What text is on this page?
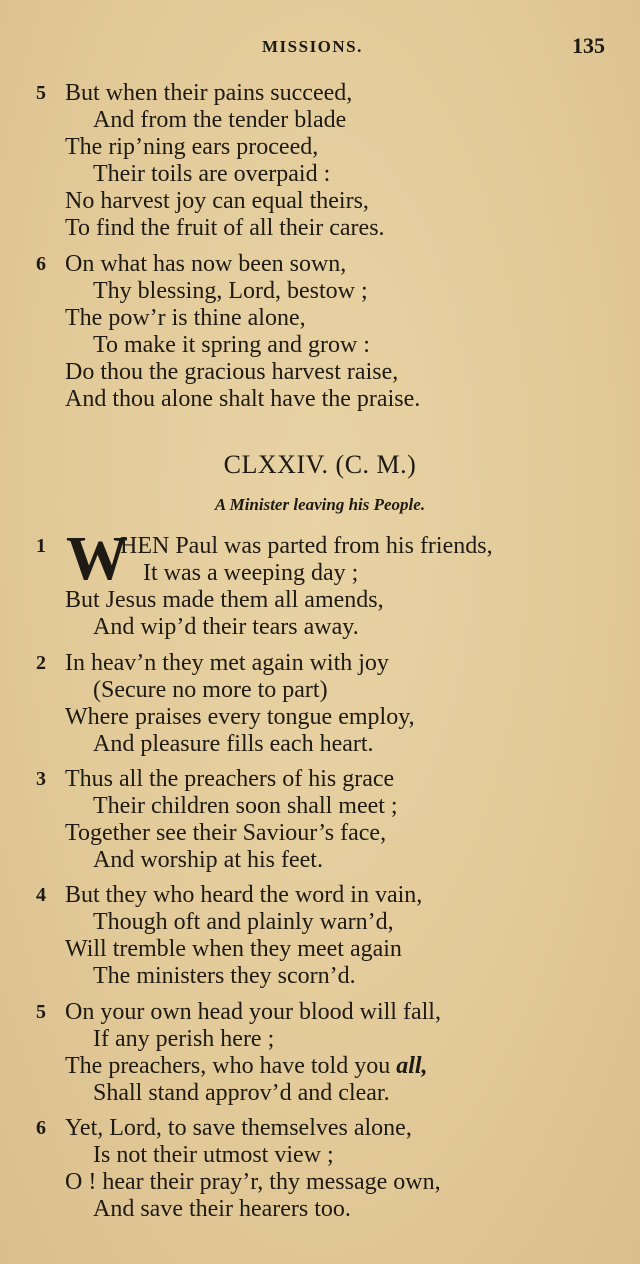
MISSIONS.	135
5 But when their pains succeed,
And from the tender blade
The rip’ning ears proceed,
Their toils are overpaid :
No harvest joy can equal theirs,
To find the fruit of all their cares.
6 On what has now been sown,
Thy blessing, Lord, bestow ;
The pow’r is thine alone,
To make it spring and grow :
Do thou the gracious harvest raise,
And thou alone shalt have the praise.
CLXXIV. (C. M.)
A Minister leaving his People.
W
1	HEN Paul was parted from his friends,
It was a weeping day ;
But Jesus made them all amends,
And wip’d their tears away.
2 In heav’n they met again with joy
(Secure no more to part)
Where praises every tongue employ,
And pleasure fills each heart.
3 Thus all the preachers of his grace
Their children soon shall meet ;
Together see their Saviour’s face,
And worship at his feet.
4 But they who heard the word in vain,
Though oft and plainly warn’d,
Will tremble when they meet again
The ministers they scorn’d.
5 On your own head your blood will fall,
If any perish here ;
The preachers, who have told you all,
Shall stand approv’d and clear.
6 Yet, Lord, to save themselves alone,
Is not their utmost view ;
O ! hear their pray’r, thy message own,
And save their hearers too.
